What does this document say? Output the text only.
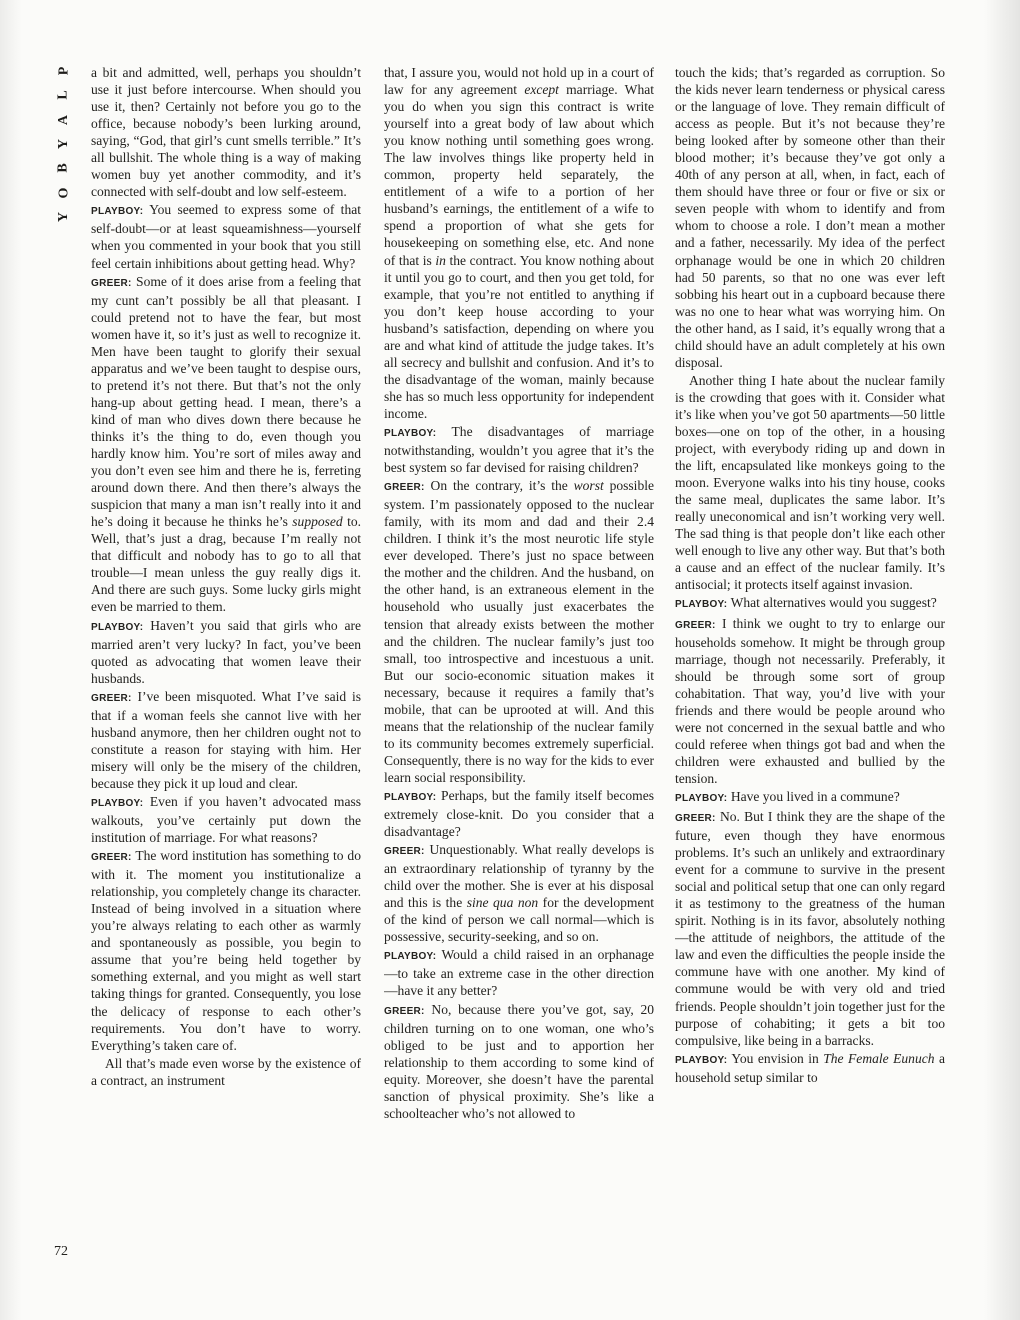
P
L
A
Y
B
O
Y

a bit and admitted, well, perhaps you shouldn’t use it just before intercourse. When should you use it, then? Certainly not before you go to the office, because nobody’s been lurking around, saying, “God, that girl’s cunt smells terrible.” It’s all bullshit. The whole thing is a way of making women buy yet another commodity, and it’s connected with self-doubt and low self-esteem.

PLAYBOY: You seemed to express some of that self-doubt—or at least squeamishness—yourself when you commented in your book that you still feel certain inhibitions about getting head. Why?

GREER: Some of it does arise from a feeling that my cunt can’t possibly be all that pleasant. I could pretend not to have the fear, but most women have it, so it’s just as well to recognize it. Men have been taught to glorify their sexual apparatus and we’ve been taught to despise ours, to pretend it’s not there. But that’s not the only hang-up about getting head. I mean, there’s a kind of man who dives down there because he thinks it’s the thing to do, even though you hardly know him. You’re sort of miles away and you don’t even see him and there he is, ferreting around down there. And then there’s always the suspicion that many a man isn’t really into it and he’s doing it because he thinks he’s supposed to. Well, that’s just a drag, because I’m really not that difficult and nobody has to go to all that trouble—I mean unless the guy really digs it. And there are such guys. Some lucky girls might even be married to them.

PLAYBOY: Haven’t you said that girls who are married aren’t very lucky? In fact, you’ve been quoted as advocating that women leave their husbands.

GREER: I’ve been misquoted. What I’ve said is that if a woman feels she cannot live with her husband anymore, then her children ought not to constitute a reason for staying with him. Her misery will only be the misery of the children, because they pick it up loud and clear.

PLAYBOY: Even if you haven’t advocated mass walkouts, you’ve certainly put down the institution of marriage. For what reasons?

GREER: The word institution has something to do with it. The moment you institutionalize a relationship, you completely change its character. Instead of being involved in a situation where you’re always relating to each other as warmly and spontaneously as possible, you begin to assume that you’re being held together by something external, and you might as well start taking things for granted. Consequently, you lose the delicacy of response to each other’s requirements. You don’t have to worry. Everything’s taken care of.

All that’s made even worse by the existence of a contract, an instrument

that, I assure you, would not hold up in a court of law for any agreement except marriage. What you do when you sign this contract is write yourself into a great body of law about which you know nothing until something goes wrong. The law involves things like property held in common, property held separately, the entitlement of a wife to a portion of her husband’s earnings, the entitlement of a wife to spend a proportion of what she gets for housekeeping on something else, etc. And none of that is in the contract. You know nothing about it until you go to court, and then you get told, for example, that you’re not entitled to anything if you don’t keep house according to your husband’s satisfaction, depending on where you are and what kind of attitude the judge takes. It’s all secrecy and bullshit and confusion. And it’s to the disadvantage of the woman, mainly because she has so much less opportunity for independent income.

PLAYBOY: The disadvantages of marriage notwithstanding, wouldn’t you agree that it’s the best system so far devised for raising children?

GREER: On the contrary, it’s the worst possible system. I’m passionately opposed to the nuclear family, with its mom and dad and their 2.4 children. I think it’s the most neurotic life style ever developed. There’s just no space between the mother and the children. And the husband, on the other hand, is an extraneous element in the household who usually just exacerbates the tension that already exists between the mother and the children. The nuclear family’s just too small, too introspective and incestuous a unit. But our socio-economic situation makes it necessary, because it requires a family that’s mobile, that can be uprooted at will. And this means that the relationship of the nuclear family to its community becomes extremely superficial. Consequently, there is no way for the kids to ever learn social responsibility.

PLAYBOY: Perhaps, but the family itself becomes extremely close-knit. Do you consider that a disadvantage?

GREER: Unquestionably. What really develops is an extraordinary relationship of tyranny by the child over the mother. She is ever at his disposal and this is the sine qua non for the development of the kind of person we call normal—which is possessive, security-seeking, and so on.

PLAYBOY: Would a child raised in an orphanage—to take an extreme case in the other direction—have it any better?

GREER: No, because there you’ve got, say, 20 children turning on to one woman, one who’s obliged to be just and to apportion her relationship to them according to some kind of equity. Moreover, she doesn’t have the parental sanction of physical proximity. She’s like a schoolteacher who’s not allowed to

touch the kids; that’s regarded as corruption. So the kids never learn tenderness or physical caress or the language of love. They remain difficult of access as people. But it’s not because they’re being looked after by someone other than their blood mother; it’s because they’ve got only a 40th of any person at all, when, in fact, each of them should have three or four or five or six or seven people with whom to identify and from whom to choose a role. I don’t mean a mother and a father, necessarily. My idea of the perfect orphanage would be one in which 20 children had 50 parents, so that no one was ever left sobbing his heart out in a cupboard because there was no one to hear what was worrying him. On the other hand, as I said, it’s equally wrong that a child should have an adult completely at his own disposal.

Another thing I hate about the nuclear family is the crowding that goes with it. Consider what it’s like when you’ve got 50 apartments—50 little boxes—one on top of the other, in a housing project, with everybody riding up and down in the lift, encapsulated like monkeys going to the moon. Everyone walks into his tiny house, cooks the same meal, duplicates the same labor. It’s really uneconomical and isn’t working very well. The sad thing is that people don’t like each other well enough to live any other way. But that’s both a cause and an effect of the nuclear family. It’s antisocial; it protects itself against invasion.

PLAYBOY: What alternatives would you suggest?

GREER: I think we ought to try to enlarge our households somehow. It might be through group marriage, though not necessarily. Preferably, it should be through some sort of group cohabitation. That way, you’d live with your friends and there would be people around who were not concerned in the sexual battle and who could referee when things got bad and when the children were exhausted and bullied by the tension.

PLAYBOY: Have you lived in a commune?

GREER: No. But I think they are the shape of the future, even though they have enormous problems. It’s such an unlikely and extraordinary event for a commune to survive in the present social and political setup that one can only regard it as testimony to the greatness of the human spirit. Nothing is in its favor, absolutely nothing—the attitude of neighbors, the attitude of the law and even the difficulties the people inside the commune have with one another. My kind of commune would be with very old and tried friends. People shouldn’t join together just for the purpose of cohabiting; it gets a bit too compulsive, like being in a barracks.

PLAYBOY: You envision in The Female Eunuch a household setup similar to

72
